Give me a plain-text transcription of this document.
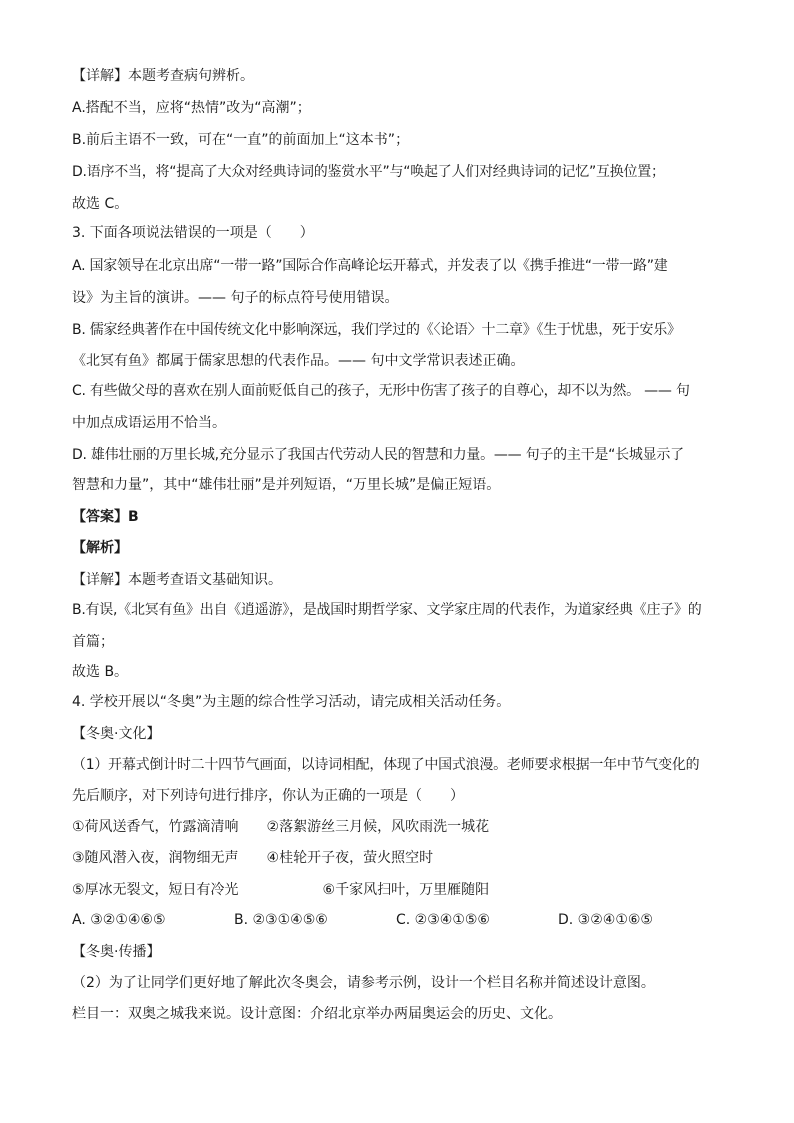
【详解】本题考查病句辨析。

A.搭配不当，应将“热情”改为“高潮”；

B.前后主语不一致，可在“一直”的前面加上“这本书”；

D.语序不当，将“提高了大众对经典诗词的鉴赏水平”与“唤起了人们对经典诗词的记忆”互换位置；

故选 C。

3. 下面各项说法错误的一项是（　　）

A. 国家领导在北京出席“一带一路”国际合作高峰论坛开幕式，并发表了以《携手推进“一带一路”建

设》为主旨的演讲。—— 句子的标点符号使用错误。

B. 儒家经典著作在中国传统文化中影响深远，我们学过的《〈论语〉十二章》《生于忧患，死于安乐》

《北冥有鱼》都属于儒家思想的代表作品。—— 句中文学常识表述正确。

C. 有些做父母的喜欢在别人面前贬低自己的孩子，无形中伤害了孩子的自尊心，却不以为然。 —— 句

中加点成语运用不恰当。

D. 雄伟壮丽的万里长城,充分显示了我国古代劳动人民的智慧和力量。—— 句子的主干是“长城显示了

智慧和力量”，其中“雄伟壮丽”是并列短语，“万里长城”是偏正短语。

【答案】B

【解析】

【详解】本题考查语文基础知识。

B.有误,《北冥有鱼》出自《逍遥游》，是战国时期哲学家、文学家庄周的代表作，为道家经典《庄子》的

首篇；

故选 B。

4. 学校开展以“冬奥”为主题的综合性学习活动，请完成相关活动任务。

【冬奥·文化】

（1）开幕式倒计时二十四节气画面，以诗词相配，体现了中国式浪漫。老师要求根据一年中节气变化的

先后顺序，对下列诗句进行排序，你认为正确的一项是（　　）

①荷风送香气，竹露滴清响　　②落絮游丝三月候，风吹雨洗一城花

③随风潜入夜，润物细无声　　④桂轮开子夜，萤火照空时

⑤厚冰无裂文，短日有冷光　　　　　　⑥千家风扫叶，万里雁随阳

A. ③②①④⑥⑤	B. ②③①④⑤⑥	C. ②③④①⑤⑥	D. ③②④①⑥⑤

【冬奥·传播】

（2）为了让同学们更好地了解此次冬奥会，请参考示例，设计一个栏目名称并简述设计意图。

栏目一：双奥之城我来说。设计意图：介绍北京举办两届奥运会的历史、文化。
